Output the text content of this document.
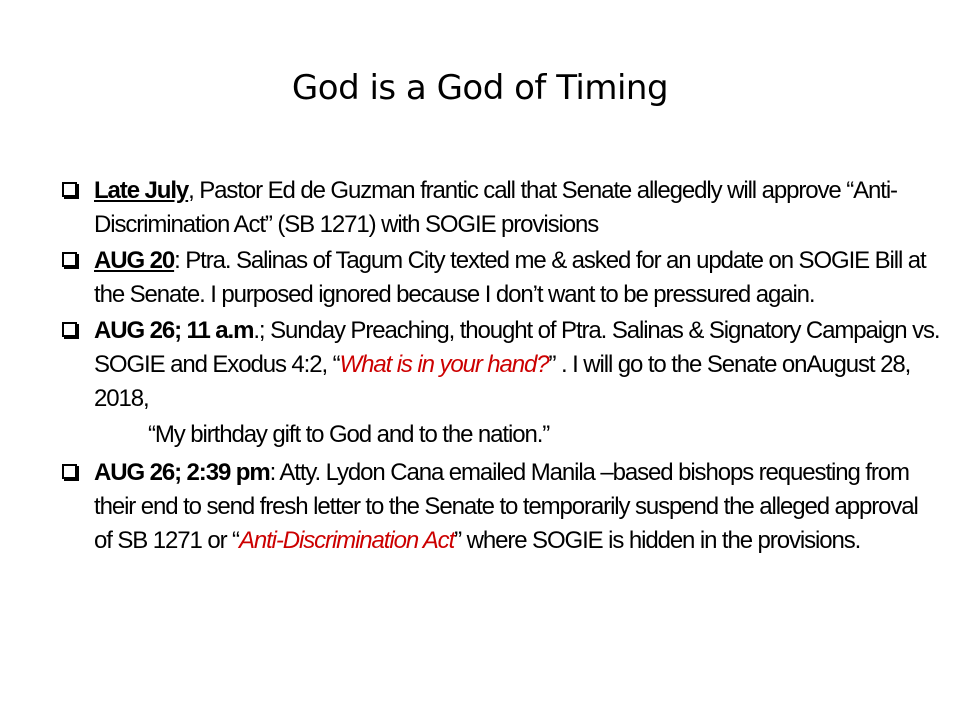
God is a God of Timing
Late July, Pastor Ed de Guzman frantic call that Senate allegedly will approve “Anti-Discrimination Act” (SB 1271) with SOGIE provisions
AUG 20: Ptra. Salinas of Tagum City texted me & asked for an update on SOGIE Bill at the Senate. I purposed ignored because I don’t want to be pressured again.
AUG 26; 11 a.m.; Sunday Preaching, thought of Ptra. Salinas & Signatory Campaign vs. SOGIE and Exodus 4:2, “What is in your hand?” . I will go to the Senate onAugust 28, 2018,
“My birthday gift to God and to the nation.”
AUG 26; 2:39 pm: Atty. Lydon Cana emailed Manila –based bishops requesting from their end to send fresh letter to the Senate to temporarily suspend the alleged approval of SB 1271 or “Anti-Discrimination Act” where SOGIE is hidden in the provisions.
